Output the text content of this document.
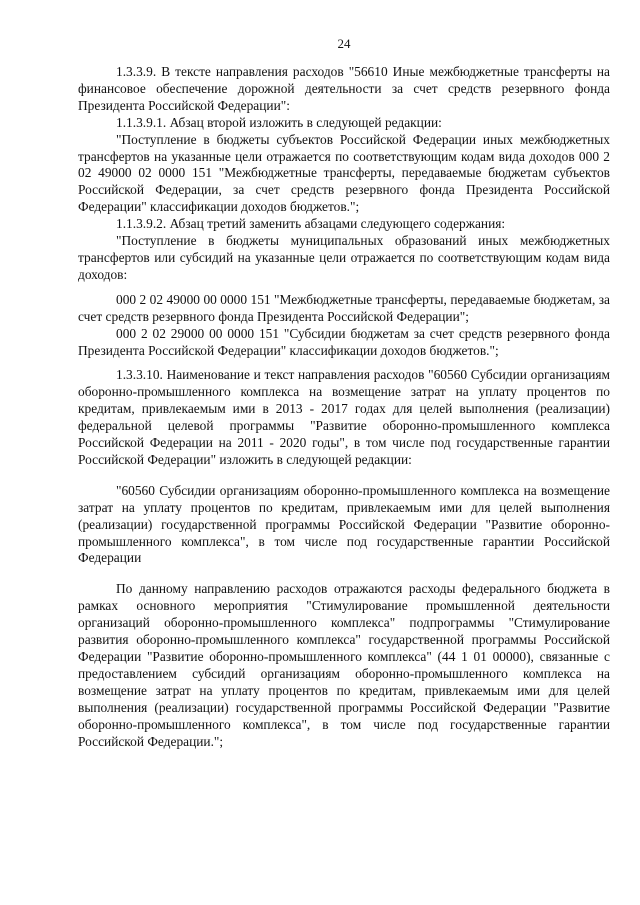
24

1.3.3.9. В тексте направления расходов "56610 Иные межбюджетные трансферты на финансовое обеспечение дорожной деятельности за счет средств резервного фонда Президента Российской Федерации":

1.1.3.9.1. Абзац второй изложить в следующей редакции:

"Поступление в бюджеты субъектов Российской Федерации иных межбюджетных трансфертов на указанные цели отражается по соответствующим кодам вида доходов 000 2 02 49000 02 0000 151 "Межбюджетные трансферты, передаваемые бюджетам субъектов Российской Федерации, за счет средств резервного фонда Президента Российской Федерации" классификации доходов бюджетов.";

1.1.3.9.2. Абзац третий заменить абзацами следующего содержания:

"Поступление в бюджеты муниципальных образований иных межбюджетных трансфертов или субсидий на указанные цели отражается по соответствующим кодам вида доходов:

000 2 02 49000 00 0000 151 "Межбюджетные трансферты, передаваемые бюджетам, за счет средств резервного фонда Президента Российской Федерации";

000 2 02 29000 00 0000 151 "Субсидии бюджетам за счет средств резервного фонда Президента Российской Федерации" классификации доходов бюджетов.";

1.3.3.10. Наименование и текст направления расходов "60560 Субсидии организациям оборонно-промышленного комплекса на возмещение затрат на уплату процентов по кредитам, привлекаемым ими в 2013 - 2017 годах для целей выполнения (реализации) федеральной целевой программы "Развитие оборонно-промышленного комплекса Российской Федерации на 2011 - 2020 годы", в том числе под государственные гарантии Российской Федерации" изложить в следующей редакции:

"60560 Субсидии организациям оборонно-промышленного комплекса на возмещение затрат на уплату процентов по кредитам, привлекаемым ими для целей выполнения (реализации) государственной программы Российской Федерации "Развитие оборонно-промышленного комплекса", в том числе под государственные гарантии Российской Федерации

По данному направлению расходов отражаются расходы федерального бюджета в рамках основного мероприятия "Стимулирование промышленной деятельности организаций оборонно-промышленного комплекса" подпрограммы "Стимулирование развития оборонно-промышленного комплекса" государственной программы Российской Федерации "Развитие оборонно-промышленного комплекса" (44 1 01 00000), связанные с предоставлением субсидий организациям оборонно-промышленного комплекса на возмещение затрат на уплату процентов по кредитам, привлекаемым ими для целей выполнения (реализации) государственной программы Российской Федерации "Развитие оборонно-промышленного комплекса", в том числе под государственные гарантии Российской Федерации.";
